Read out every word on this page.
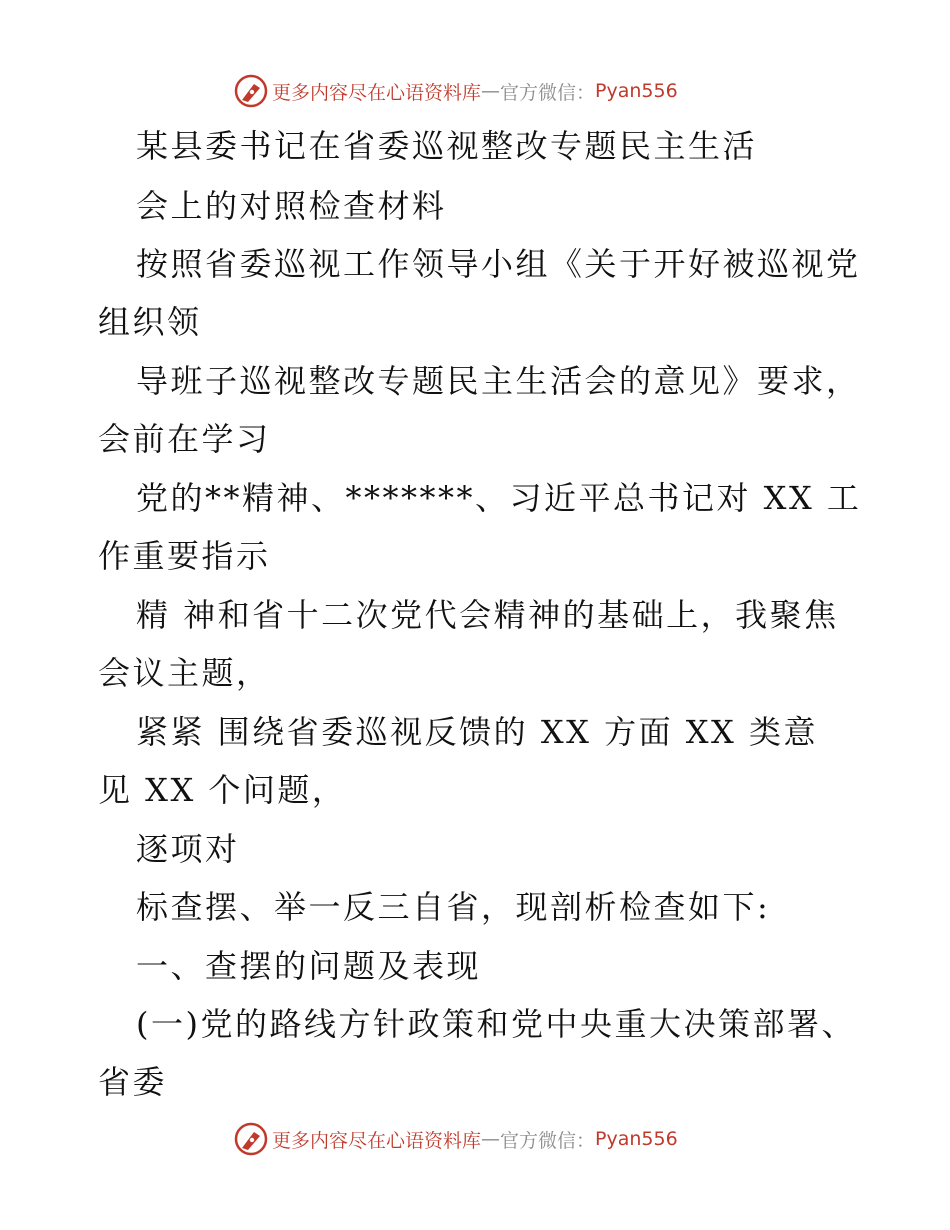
更多内容尽在心语资料库 — 官方微信： Pyan556
某县委书记在省委巡视整改专题民主生活
会上的对照检查材料
按照省委巡视工作领导小组《关于开好被巡视党
组织领
导班子巡视整改专题民主生活会的意见》要求，
会前在学习
党的**精神、*******、习近平总书记对 XX 工
作重要指示
精 神和省十二次党代会精神的基础上，我聚焦
会议主题，
紧紧 围绕省委巡视反馈的 XX 方面 XX 类意
见 XX 个问题，
逐项对
标查摆、举一反三自省，现剖析检查如下:
一、查摆的问题及表现
(一)党的路线方针政策和党中央重大决策部署、
省委
更多内容尽在心语资料库 — 官方微信： Pyan556
